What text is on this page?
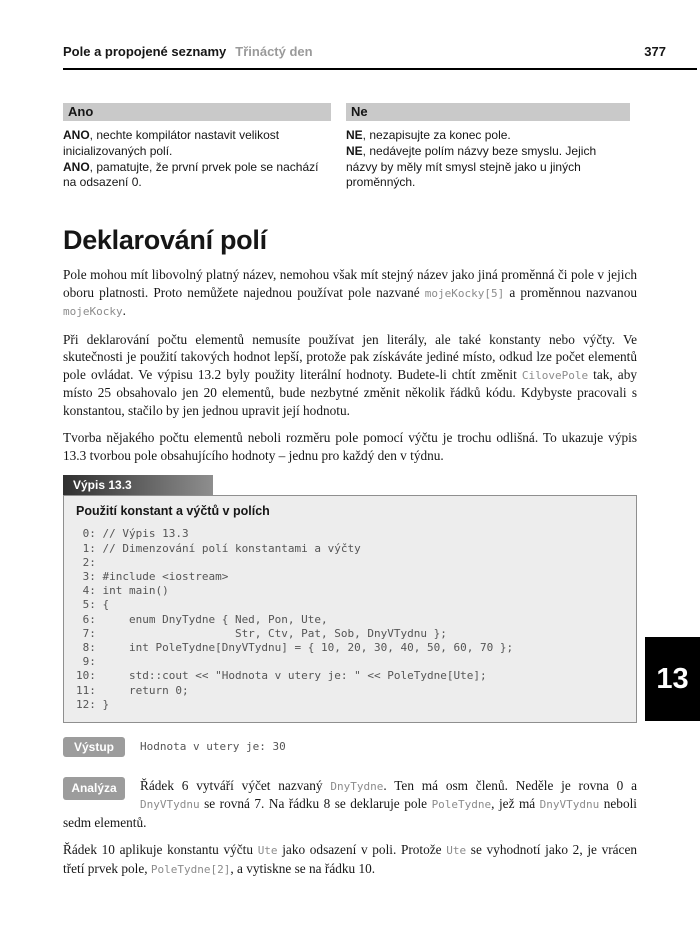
Pole a propojené seznamy Třináctý den	377
Ano

ANO, nechte kompilátor nastavit velikost inicializovaných polí.

ANO, pamatujte, že první prvek pole se nachází na odsazení 0.

Ne

NE, nezapisujte za konec pole.

NE, nedávejte polím názvy beze smyslu. Jejich názvy by měly mít smysl stejně jako u jiných proměnných.

Deklarování polí

Pole mohou mít libovolný platný název, nemohou však mít stejný název jako jiná proměnná či pole v jejich oboru platnosti. Proto nemůžete najednou používat pole nazvané mojeKocky[5] a proměnnou nazvanou mojeKocky.

Při deklarování počtu elementů nemusíte používat jen literály, ale také konstanty nebo výčty. Ve skutečnosti je použití takových hodnot lepší, protože pak získáváte jediné místo, odkud lze počet elementů pole ovládat. Ve výpisu 13.2 byly použity literální hodnoty. Budete-li chtít změnit CilovePole tak, aby místo 25 obsahovalo jen 20 elementů, bude nezbytné změnit několik řádků kódu. Kdybyste pracovali s konstantou, stačilo by jen jednou upravit její hodnotu.

Tvorba nějakého počtu elementů neboli rozměru pole pomocí výčtu je trochu odlišná. To ukazuje výpis 13.3 tvorbou pole obsahujícího hodnoty – jednu pro každý den v týdnu.

Výpis 13.3
Použití konstant a výčtů v polích
0: // Výpis 13.3
1: // Dimenzování polí konstantami a výčty
2:
3: #include <iostream>
4: int main()
5: {
6:     enum DnyTydne { Ned, Pon, Ute,
7:                     Str, Ctv, Pat, Sob, DnyVTydnu };
8:     int PoleTydne[DnyVTydnu] = { 10, 20, 30, 40, 50, 60, 70 };
9:
10:     std::cout << "Hodnota v utery je: " << PoleTydne[Ute];
11:     return 0;
12: }
Výstup	Hodnota v utery je: 30

Analýza	Řádek 6 vytváří výčet nazvaný DnyTydne. Ten má osm členů. Neděle je rovna 0 a DnyVTydnu se rovná 7. Na řádku 8 se deklaruje pole PoleTydne, jež má DnyVTydnu neboli sedm elementů.

Řádek 10 aplikuje konstantu výčtu Ute jako odsazení v poli. Protože Ute se vyhodnotí jako 2, je vrácen třetí prvek pole, PoleTydne[2], a vytiskne se na řádku 10.

13
